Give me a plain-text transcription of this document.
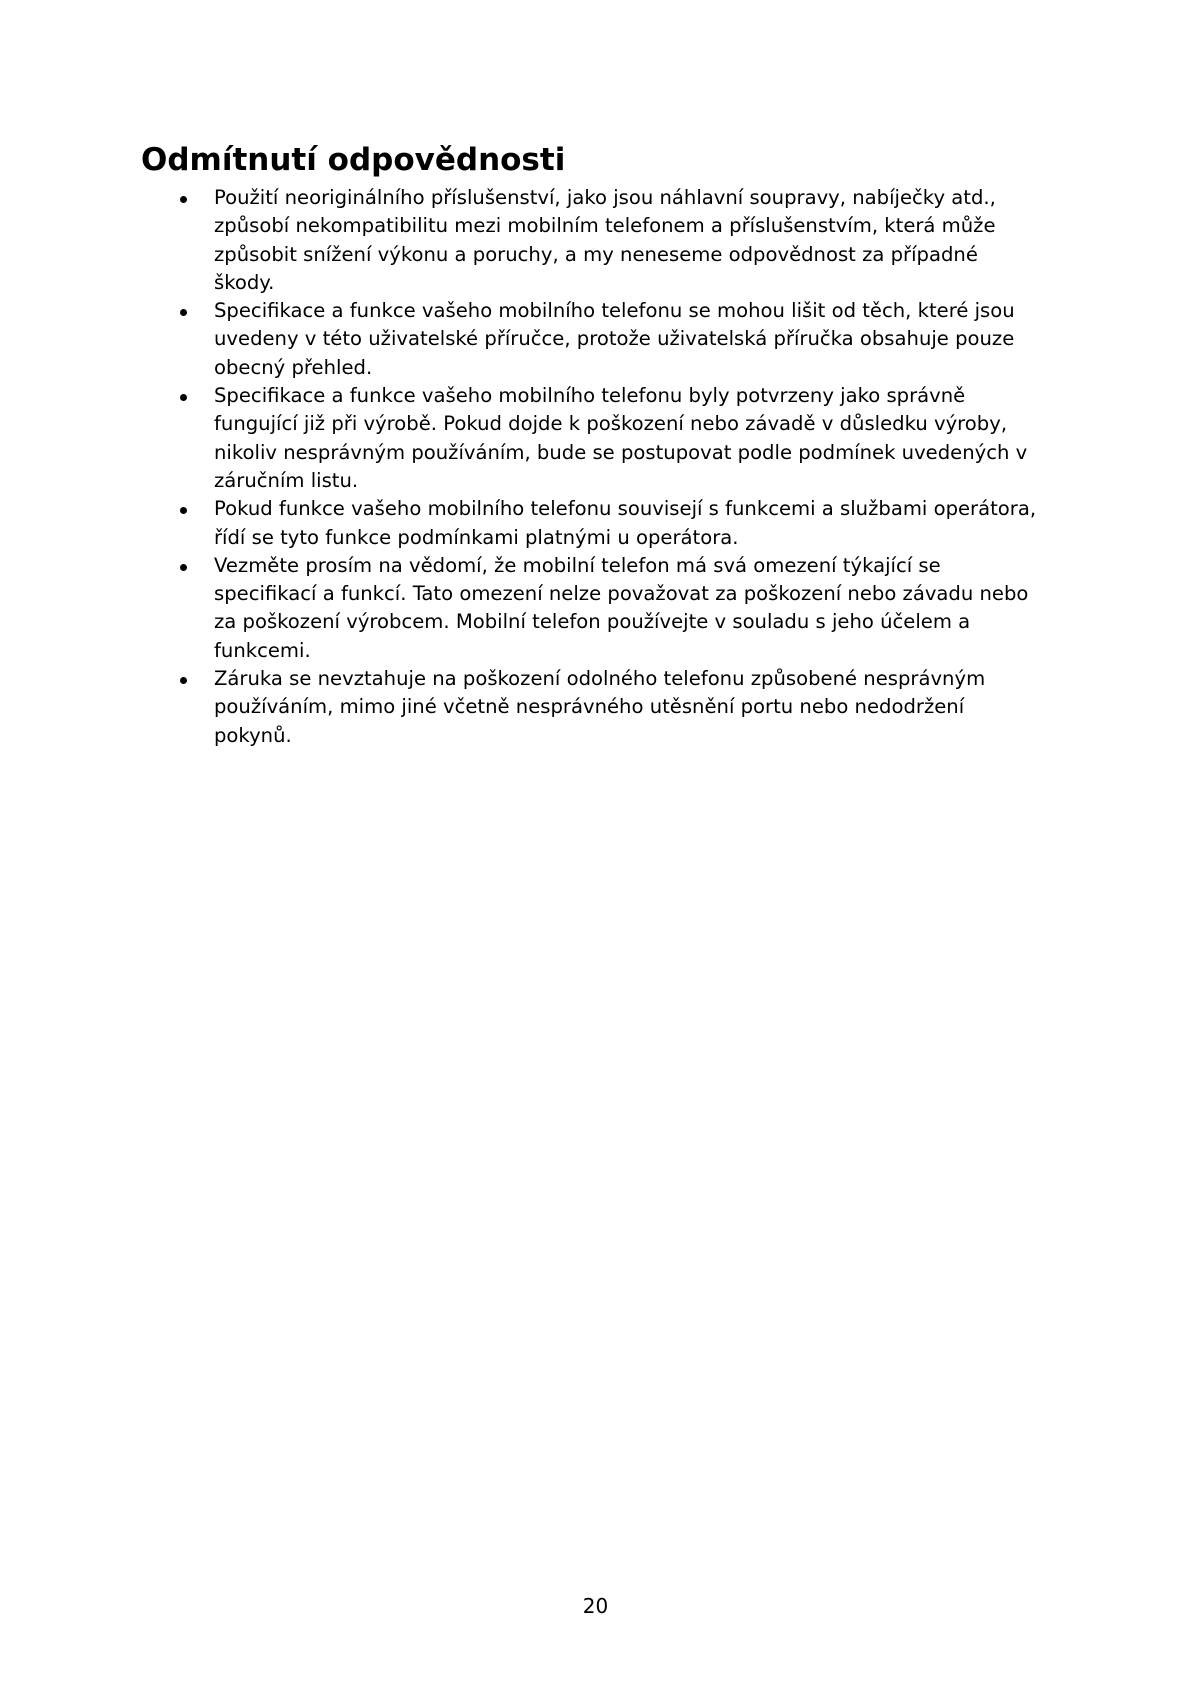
Odmítnutí odpovědnosti
Použití neoriginálního příslušenství, jako jsou náhlavní soupravy, nabíječky atd.,
způsobí nekompatibilitu mezi mobilním telefonem a příslušenstvím, která může
způsobit snížení výkonu a poruchy, a my neneseme odpovědnost za případné
škody.
Specifikace a funkce vašeho mobilního telefonu se mohou lišit od těch, které jsou
uvedeny v této uživatelské příručce, protože uživatelská příručka obsahuje pouze
obecný přehled.
Specifikace a funkce vašeho mobilního telefonu byly potvrzeny jako správně
fungující již při výrobě. Pokud dojde k poškození nebo závadě v důsledku výroby,
nikoliv nesprávným používáním, bude se postupovat podle podmínek uvedených v
záručním listu.
Pokud funkce vašeho mobilního telefonu souvisejí s funkcemi a službami operátora,
řídí se tyto funkce podmínkami platnými u operátora.
Vezměte prosím na vědomí, že mobilní telefon má svá omezení týkající se
specifikací a funkcí. Tato omezení nelze považovat za poškození nebo závadu nebo
za poškození výrobcem. Mobilní telefon používejte v souladu s jeho účelem a
funkcemi.
Záruka se nevztahuje na poškození odolného telefonu způsobené nesprávným
používáním, mimo jiné včetně nesprávného utěsnění portu nebo nedodržení
pokynů.
20
